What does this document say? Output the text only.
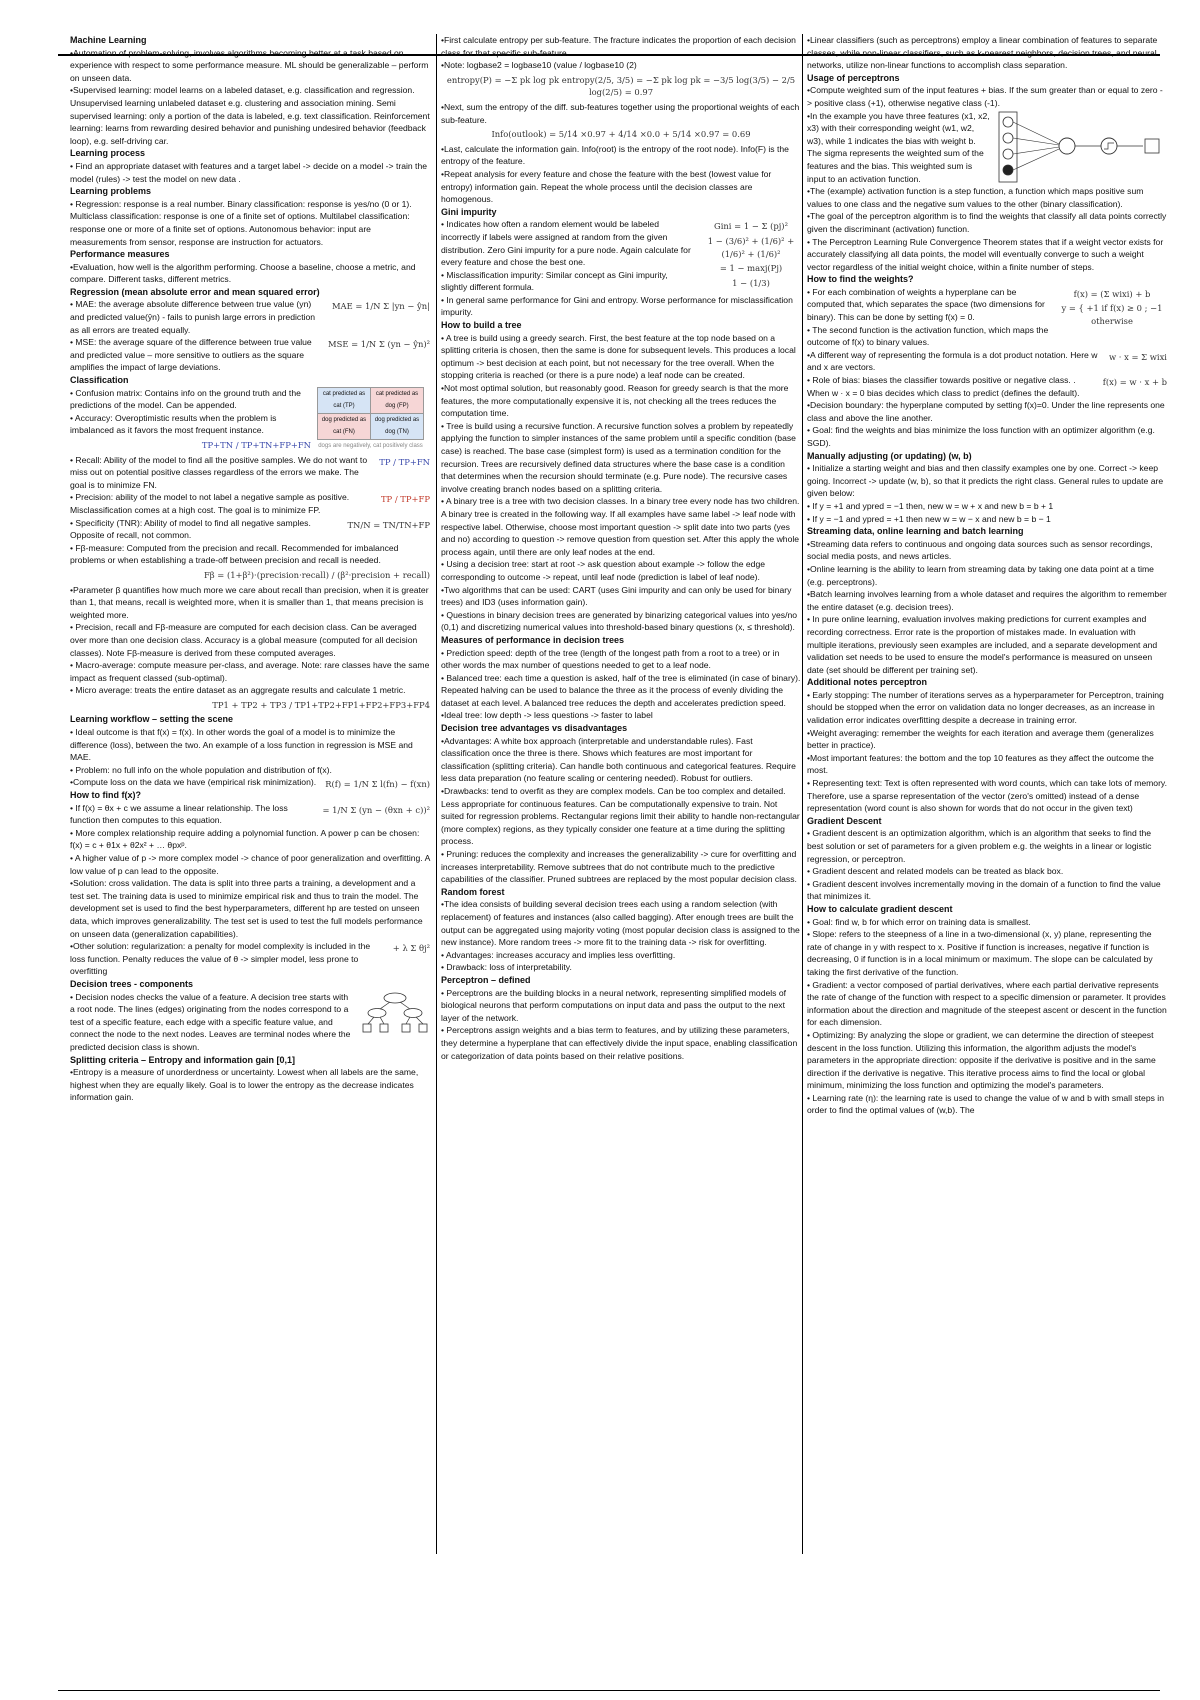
Machine Learning

•Automation of problem-solving, involves algorithms becoming better at a task based on experience with respect to some performance measure. ML should be generalizable – perform on unseen data.

•Supervised learning: model learns on a labeled dataset, e.g. classification and regression. Unsupervised learning unlabeled dataset e.g. clustering and association mining. Semi supervised learning: only a portion of the data is labeled, e.g. text classification. Reinforcement learning: learns from rewarding desired behavior and punishing undesired behavior (feedback loop), e.g. self-driving car.

Learning process

• Find an appropriate dataset with features and a target label -> decide on a model -> train the model (rules) -> test the model on new data .

Learning problems

• Regression: response is a real number. Binary classification: response is yes/no (0 or 1). Multiclass classification: response is one of a finite set of options. Multilabel classification: response one or more of a finite set of options. Autonomous behavior: input are measurements from sensor, response are instruction for actuators.

Performance measures

•Evaluation, how well is the algorithm performing. Choose a baseline, choose a metric, and compare. Different tasks, different metrics.

Regression (mean absolute error and mean squared error)
MAE = 1/N Σ |yn − ŷn|

• MAE: the average absolute difference between true value (yn) and predicted value(ŷn) - fails to punish large errors in prediction as all errors are treated equally.

MSE = 1/N Σ (yn − ŷn)²

• MSE: the average square of the difference between true value and predicted value – more sensitive to outliers as the square amplifies the impact of large deviations.

Classification
cat predicted as cat (TP)	cat predicted as dog (FP)
dog predicted as cat (FN)	dog predicted as dog (TN)
dogs are negatively, cat positively class	

• Confusion matrix: Contains info on the ground truth and the predictions of the model. Can be appended.

• Accuracy: Overoptimistic results when the problem is imbalanced as it favors the most frequent instance.

TP+TN / TP+TN+FP+FN
TP / TP+FN

• Recall: Ability of the model to find all the positive samples. We do not want to miss out on potential positive classes regardless of the errors we make. The goal is to minimize FN.

TP / TP+FP

• Precision: ability of the model to not label a negative sample as positive. Misclassification comes at a high cost. The goal is to minimize FP.

TN/N = TN/TN+FP

• Specificity (TNR): Ability of model to find all negative samples. Opposite of recall, not common.

• Fβ-measure: Computed from the precision and recall. Recommended for imbalanced problems or when establishing a trade-off between precision and recall is needed.

Fβ = (1+β²)·(precision·recall) / (β²·precision + recall)

•Parameter β quantifies how much more we care about recall than precision, when it is greater than 1, that means, recall is weighted more, when it is smaller than 1, that means precision is weighted more.

• Precision, recall and Fβ-measure are computed for each decision class. Can be averaged over more than one decision class. Accuracy is a global measure (computed for all decision classes). Note Fβ-measure is derived from these computed averages.

• Macro-average: compute measure per-class, and average. Note: rare classes have the same impact as frequent classed (sub-optimal).

• Micro average: treats the entire dataset as an aggregate results and calculate 1 metric.

TP1 + TP2 + TP3 / TP1+TP2+FP1+FP2+FP3+FP4
Learning workflow – setting the scene

• Ideal outcome is that f(x) = f(x). In other words the goal of a model is to minimize the difference (loss), between the two. An example of a loss function in regression is MSE and MAE.

• Problem: no full info on the whole population and distribution of f(x).

R(f) = 1/N Σ l(fn) − f(xn)

•Compute loss on the data we have (empirical risk minimization).

How to find f(x)?
= 1/N Σ (yn − (θxn + c))²

• If f(x) = θx + c we assume a linear relationship. The loss function then computes to this equation.

• More complex relationship require adding a polynomial function. A power p can be chosen: f(x) = c + θ1x + θ2x² + … θpxᵖ.

• A higher value of p -> more complex model -> chance of poor generalization and overfitting. A low value of p can lead to the opposite.

•Solution: cross validation. The data is split into three parts a training, a development and a test set. The training data is used to minimize empirical risk and thus to train the model. The development set is used to find the best hyperparameters, different hp are tested on unseen data, which improves generalizability. The test set is used to test the full models performance on unseen data (generalization capabilities).

+ λ Σ θj²

•Other solution: regularization: a penalty for model complexity is included in the loss function. Penalty reduces the value of θ -> simpler model, less prone to overfitting

Decision trees - components

• Decision nodes checks the value of a feature. A decision tree starts with a root node. The lines (edges) originating from the nodes correspond to a test of a specific feature, each edge with a specific feature value, and connect the node to the next nodes. Leaves are terminal nodes where the predicted decision class is shown.

Splitting criteria – Entropy and information gain [0,1]

•Entropy is a measure of unorderdness or uncertainty. Lowest when all labels are the same, highest when they are equally likely. Goal is to lower the entropy as the decrease indicates information gain.

•First calculate entropy per sub-feature. The fracture indicates the proportion of each decision class for that specific sub-feature.

•Note: logbase2 = logbase10 (value / logbase10 (2)

entropy(P) = −Σ pk log pk entropy(2/5, 3/5) = −Σ pk log pk = −3/5 log(3/5) − 2/5 log(2/5) = 0.97

•Next, sum the entropy of the diff. sub-features together using the proportional weights of each sub-feature.

Info(outlook) = 5/14 ×0.97 + 4/14 ×0.0 + 5/14 ×0.97 = 0.69

•Last, calculate the information gain. Info(root) is the entropy of the root node). Info(F) is the entropy of the feature.

•Repeat analysis for every feature and chose the feature with the best (lowest value for entropy) information gain. Repeat the whole process until the decision classes are homogenous.

Gini impurity
Gini = 1 − Σ (pj)²
1 − (3/6)² + (1/6)² + (1/6)² + (1/6)²
= 1 − maxj(Pj)
1 − (1/3)

• Indicates how often a random element would be labeled incorrectly if labels were assigned at random from the given distribution. Zero Gini impurity for a pure node. Again calculate for every feature and chose the best one.

• Misclassification impurity: Similar concept as Gini impurity, slightly different formula.

• In general same performance for Gini and entropy. Worse performance for misclassification impurity.

How to build a tree

• A tree is build using a greedy search. First, the best feature at the top node based on a splitting criteria is chosen, then the same is done for subsequent levels. This produces a local optimum -> best decision at each point, but not necessary for the tree overall. When the stopping criteria is reached (or there is a pure node) a leaf node can be created.

•Not most optimal solution, but reasonably good. Reason for greedy search is that the more features, the more computationally expensive it is, not checking all the trees reduces the computation time.

• Tree is build using a recursive function. A recursive function solves a problem by repeatedly applying the function to simpler instances of the same problem until a specific condition (base case) is reached. The base case (simplest form) is used as a termination condition for the recursion. Trees are recursively defined data structures where the base case is a condition that determines when the recursion should terminate (e.g. Pure node). The recursive cases involve creating branch nodes based on a splitting criteria.

• A binary tree is a tree with two decision classes. In a binary tree every node has two children. A binary tree is created in the following way. If all examples have same label -> leaf node with respective label. Otherwise, choose most important question -> split date into two parts (yes and no) according to question -> remove question from question set. After this apply the whole process again, until there are only leaf nodes at the end.

• Using a decision tree: start at root -> ask question about example -> follow the edge corresponding to outcome -> repeat, until leaf node (prediction is label of leaf node).

•Two algorithms that can be used: CART (uses Gini impurity and can only be used for binary trees) and ID3 (uses information gain).

• Questions in binary decision trees are generated by binarizing categorical values into yes/no (0,1) and discretizing numerical values into threshold-based binary questions (x, ≤ threshold).

Measures of performance in decision trees

• Prediction speed: depth of the tree (length of the longest path from a root to a tree) or in other words the max number of questions needed to get to a leaf node.

• Balanced tree: each time a question is asked, half of the tree is eliminated (in case of binary). Repeated halving can be used to balance the three as it the process of evenly dividing the dataset at each level. A balanced tree reduces the depth and accelerates prediction speed.

•Ideal tree: low depth -> less questions -> faster to label

Decision tree advantages vs disadvantages

•Advantages: A white box approach (interpretable and understandable rules). Fast classification once the three is there. Shows which features are most important for classification (splitting criteria). Can handle both continuous and categorical features. Require less data preparation (no feature scaling or centering needed). Robust for outliers.

•Drawbacks: tend to overfit as they are complex models. Can be too complex and detailed. Less appropriate for continuous features. Can be computationally expensive to train. Not suited for regression problems. Rectangular regions limit their ability to handle non-rectangular (more complex) regions, as they typically consider one feature at a time during the splitting process.

• Pruning: reduces the complexity and increases the generalizability -> cure for overfitting and increases interpretability. Remove subtrees that do not contribute much to the predictive capabilities of the classifier. Pruned subtrees are replaced by the most popular decision class.

Random forest

•The idea consists of building several decision trees each using a random selection (with replacement) of features and instances (also called bagging). After enough trees are built the output can be aggregated using majority voting (most popular decision class is assigned to the new instance). More random trees -> more fit to the training data -> risk for overfitting.

• Advantages: increases accuracy and implies less overfitting.

• Drawback: loss of interpretability.

Perceptron – defined

• Perceptrons are the building blocks in a neural network, representing simplified models of biological neurons that perform computations on input data and pass the output to the next layer of the network.

• Perceptrons assign weights and a bias term to features, and by utilizing these parameters, they determine a hyperplane that can effectively divide the input space, enabling classification or categorization of data points based on their relative positions.

•Linear classifiers (such as perceptrons) employ a linear combination of features to separate classes, while non-linear classifiers, such as k-nearest neighbors, decision trees, and neural networks, utilize non-linear functions to accomplish class separation.

Usage of perceptrons

•Compute weighted sum of the input features + bias. If the sum greater than or equal to zero -> positive class (+1), otherwise negative class (-1).

•In the example you have three features (x1, x2, x3) with their corresponding weight (w1, w2, w3), while 1 indicates the bias with weight b. The sigma represents the weighted sum of the features and the bias. This weighted sum is input to an activation function.

•The (example) activation function is a step function, a function which maps positive sum values to one class and the negative sum values to the other (binary classification).

•The goal of the perceptron algorithm is to find the weights that classify all data points correctly given the discriminant (activation) function.

• The Perceptron Learning Rule Convergence Theorem states that if a weight vector exists for accurately classifying all data points, the model will eventually converge to such a weight vector regardless of the initial weight choice, within a finite number of steps.

How to find the weights?
f(x) = (Σ wixi) + b
y = { +1 if f(x) ≥ 0 ; −1 otherwise

• For each combination of weights a hyperplane can be computed that, which separates the space (two dimensions for binary). This can be done by setting f(x) = 0.

• The second function is the activation function, which maps the outcome of f(x) to binary values.

w · x = Σ wixi

•A different way of representing the formula is a dot product notation. Here w and x are vectors.

f(x) = w · x + b

• Role of bias: biases the classifier towards positive or negative class. . When w · x = 0 bias decides which class to predict (defines the default).

•Decision boundary: the hyperplane computed by setting f(x)=0. Under the line represents one class and above the line another.

• Goal: find the weights and bias minimize the loss function with an optimizer algorithm (e.g. SGD).

Manually adjusting (or updating) (w, b)

• Initialize a starting weight and bias and then classify examples one by one. Correct -> keep going. Incorrect -> update (w, b), so that it predicts the right class. General rules to update are given below:

• If y = +1 and ypred = −1 then, new w = w + x and new b = b + 1

• If y = −1 and ypred = +1 then new w = w − x and new b = b − 1

Streaming data, online learning and batch learning

•Streaming data refers to continuous and ongoing data sources such as sensor recordings, social media posts, and news articles.

•Online learning is the ability to learn from streaming data by taking one data point at a time (e.g. perceptrons).

•Batch learning involves learning from a whole dataset and requires the algorithm to remember the entire dataset (e.g. decision trees).

• In pure online learning, evaluation involves making predictions for current examples and recording correctness. Error rate is the proportion of mistakes made. In evaluation with multiple iterations, previously seen examples are included, and a separate development and validation set needs to be used to ensure the model's performance is measured on unseen date (set should be different per training set).

Additional notes perceptron

• Early stopping: The number of iterations serves as a hyperparameter for Perceptron, training should be stopped when the error on validation data no longer decreases, as an increase in validation error indicates overfitting despite a decrease in training error.

•Weight averaging: remember the weights for each iteration and average them (generalizes better in practice).

•Most important features: the bottom and the top 10 features as they affect the outcome the most.

• Representing text: Text is often represented with word counts, which can take lots of memory. Therefore, use a sparse representation of the vector (zero's omitted) instead of a dense representation (word count is also shown for words that do not occur in the given text)

Gradient Descent

• Gradient descent is an optimization algorithm, which is an algorithm that seeks to find the best solution or set of parameters for a given problem e.g. the weights in a linear or logistic regression, or perceptron.

• Gradient descent and related models can be treated as black box.

• Gradient descent involves incrementally moving in the domain of a function to find the value that minimizes it.

How to calculate gradient descent

• Goal: find w, b for which error on training data is smallest.

• Slope: refers to the steepness of a line in a two-dimensional (x, y) plane, representing the rate of change in y with respect to x. Positive if function is increases, negative if function is decreasing, 0 if function is in a local minimum or maximum. The slope can be calculated by taking the first derivative of the function.

• Gradient: a vector composed of partial derivatives, where each partial derivative represents the rate of change of the function with respect to a specific dimension or parameter. It provides information about the direction and magnitude of the steepest ascent or descent in the function for each dimension.

• Optimizing: By analyzing the slope or gradient, we can determine the direction of steepest descent in the loss function. Utilizing this information, the algorithm adjusts the model's parameters in the appropriate direction: opposite if the derivative is positive and in the same direction if the derivative is negative. This iterative process aims to find the local or global minimum, minimizing the loss function and optimizing the model's parameters.

• Learning rate (η): the learning rate is used to change the value of w and b with small steps in order to find the optimal values of (w,b). The
